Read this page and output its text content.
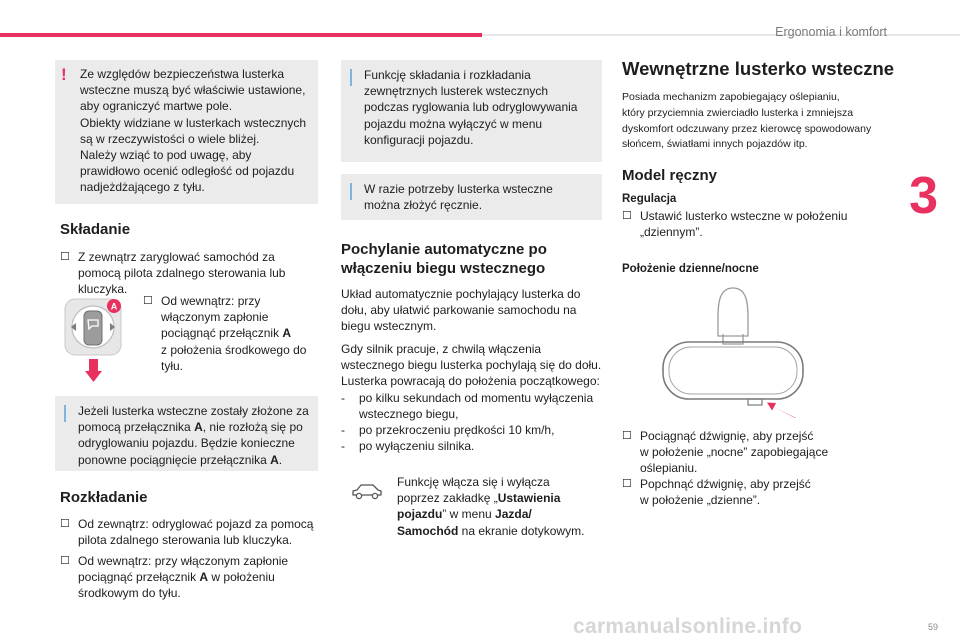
Ergonomia i komfort
3
59
carmanualsonline.info
! Ze względów bezpieczeństwa lusterka
wsteczne muszą być właściwie ustawione,
aby ograniczyć martwe pole.
Obiekty widziane w lusterkach wstecznych
są w rzeczywistości o wiele bliżej.
Należy wziąć to pod uwagę, aby
prawidłowo ocenić odległość od pojazdu
nadjeżdżającego z tyłu.
Składanie
☐ Z zewnątrz zaryglować samochód za
pomocą pilota zdalnego sterowania lub
kluczyka.
☐ Od wewnątrz: przy
włączonym zapłonie
pociągnąć przełącznik A
z położenia środkowego do
tyłu.
A
Jeżeli lusterka wsteczne zostały złożone za
pomocą przełącznika A, nie rozłożą się po
odryglowaniu pojazdu. Będzie konieczne
ponowne pociągnięcie przełącznika A.
Rozkładanie
☐ Od zewnątrz: odryglować pojazd za pomocą
pilota zdalnego sterowania lub kluczyka.
☐ Od wewnątrz: przy włączonym zapłonie
pociągnąć przełącznik A w położeniu
środkowym do tyłu.
Funkcję składania i rozkładania
zewnętrznych lusterek wstecznych
podczas ryglowania lub odryglowywania
pojazdu można wyłączyć w menu
konfiguracji pojazdu.
W razie potrzeby lusterka wsteczne
można złożyć ręcznie.
Pochylanie automatyczne po
włączeniu biegu wstecznego
Układ automatycznie pochylający lusterka do
dołu, aby ułatwić parkowanie samochodu na
biegu wstecznym.
Gdy silnik pracuje, z chwilą włączenia
wstecznego biegu lusterka pochylają się do dołu.
Lusterka powracają do położenia początkowego:
- po kilku sekundach od momentu wyłączenia
wstecznego biegu,
- po przekroczeniu prędkości 10 km/h,
- po wyłączeniu silnika.
Funkcję włącza się i wyłącza
poprzez zakładkę „Ustawienia
pojazdu” w menu Jazda/
Samochód na ekranie dotykowym.
Wewnętrzne lusterko wsteczne
Posiada mechanizm zapobiegający oślepianiu,
który przyciemnia zwierciadło lusterka i zmniejsza
dyskomfort odczuwany przez kierowcę spowodowany
słońcem, światłami innych pojazdów itp.
Model ręczny
Regulacja
☐ Ustawić lusterko wsteczne w położeniu
„dziennym”.
Położenie dzienne/nocne
☐ Pociągnąć dźwignię, aby przejść
w położenie „nocne” zapobiegające
oślepianiu.
☐ Popchnąć dźwignię, aby przejść
w położenie „dzienne”.
